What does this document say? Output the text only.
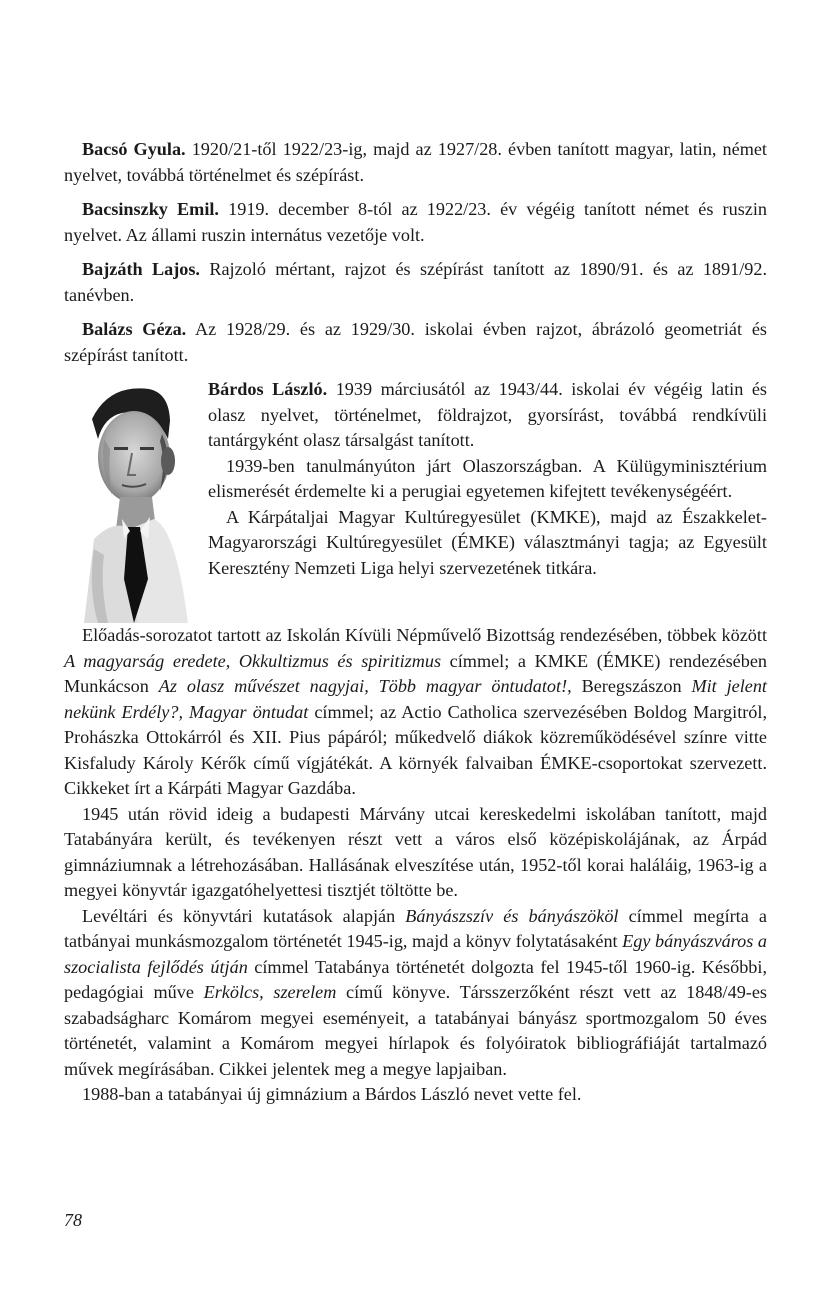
Bacsó Gyula. 1920/21-től 1922/23-ig, majd az 1927/28. évben tanított magyar, latin, német nyelvet, továbbá történelmet és szépírást.

Bacsinszky Emil. 1919. december 8-tól az 1922/23. év végéig tanított német és ruszin nyelvet. Az állami ruszin internátus vezetője volt.

Bajzáth Lajos. Rajzoló mértant, rajzot és szépírást tanított az 1890/91. és az 1891/92. tanévben.

Balázs Géza. Az 1928/29. és az 1929/30. iskolai évben rajzot, ábrázoló geometriát és szépírást tanított.

Bárdos László. 1939 márciusától az 1943/44. iskolai év végéig latin és olasz nyelvet, történelmet, földrajzot, gyorsírást, továbbá rendkívüli tantárgyként olasz társalgást tanított.

1939-ben tanulmányúton járt Olaszországban. A Külügyminisztérium elismerését érdemelte ki a perugiai egyetemen kifejtett tevékenységéért.

A Kárpátaljai Magyar Kultúregyesület (KMKE), majd az Északkelet-Magyarországi Kultúregyesület (ÉMKE) választmányi tagja; az Egyesült Keresztény Nemzeti Liga helyi szervezetének titkára.

Előadás-sorozatot tartott az Iskolán Kívüli Népművelő Bizottság rendezésében, többek között A magyarság eredete, Okkultizmus és spiritizmus címmel; a KMKE (ÉMKE) rendezésében Munkácson Az olasz művészet nagyjai, Több magyar öntudatot!, Beregszászon Mit jelent nekünk Erdély?, Magyar öntudat címmel; az Actio Catholica szervezésében Boldog Margitról, Prohászka Ottokárról és XII. Pius pápáról; műkedvelő diákok közreműködésével színre vitte Kisfaludy Károly Kérők című vígjátékát. A környék falvaiban ÉMKE-csoportokat szervezett. Cikkeket írt a Kárpáti Magyar Gazdába.

1945 után rövid ideig a budapesti Márvány utcai kereskedelmi iskolában tanított, majd Tatabányára került, és tevékenyen részt vett a város első középiskolájának, az Árpád gimnáziumnak a létrehozásában. Hallásának elveszítése után, 1952-től korai haláláig, 1963-ig a megyei könyvtár igazgatóhelyettesi tisztjét töltötte be.

Levéltári és könyvtári kutatások alapján Bányászszív és bányászököl címmel megírta a tatbányai munkásmozgalom történetét 1945-ig, majd a könyv folytatásaként Egy bányászváros a szocialista fejlődés útján címmel Tatabánya történetét dolgozta fel 1945-től 1960-ig. Későbbi, pedagógiai műve Erkölcs, szerelem című könyve. Társszerzőként részt vett az 1848/49-es szabadságharc Komárom megyei eseményeit, a tatabányai bányász sportmozgalom 50 éves történetét, valamint a Komárom megyei hírlapok és folyóiratok bibliográfiáját tartalmazó művek megírásában. Cikkei jelentek meg a megye lapjaiban.

1988-ban a tatabányai új gimnázium a Bárdos László nevet vette fel.

78
